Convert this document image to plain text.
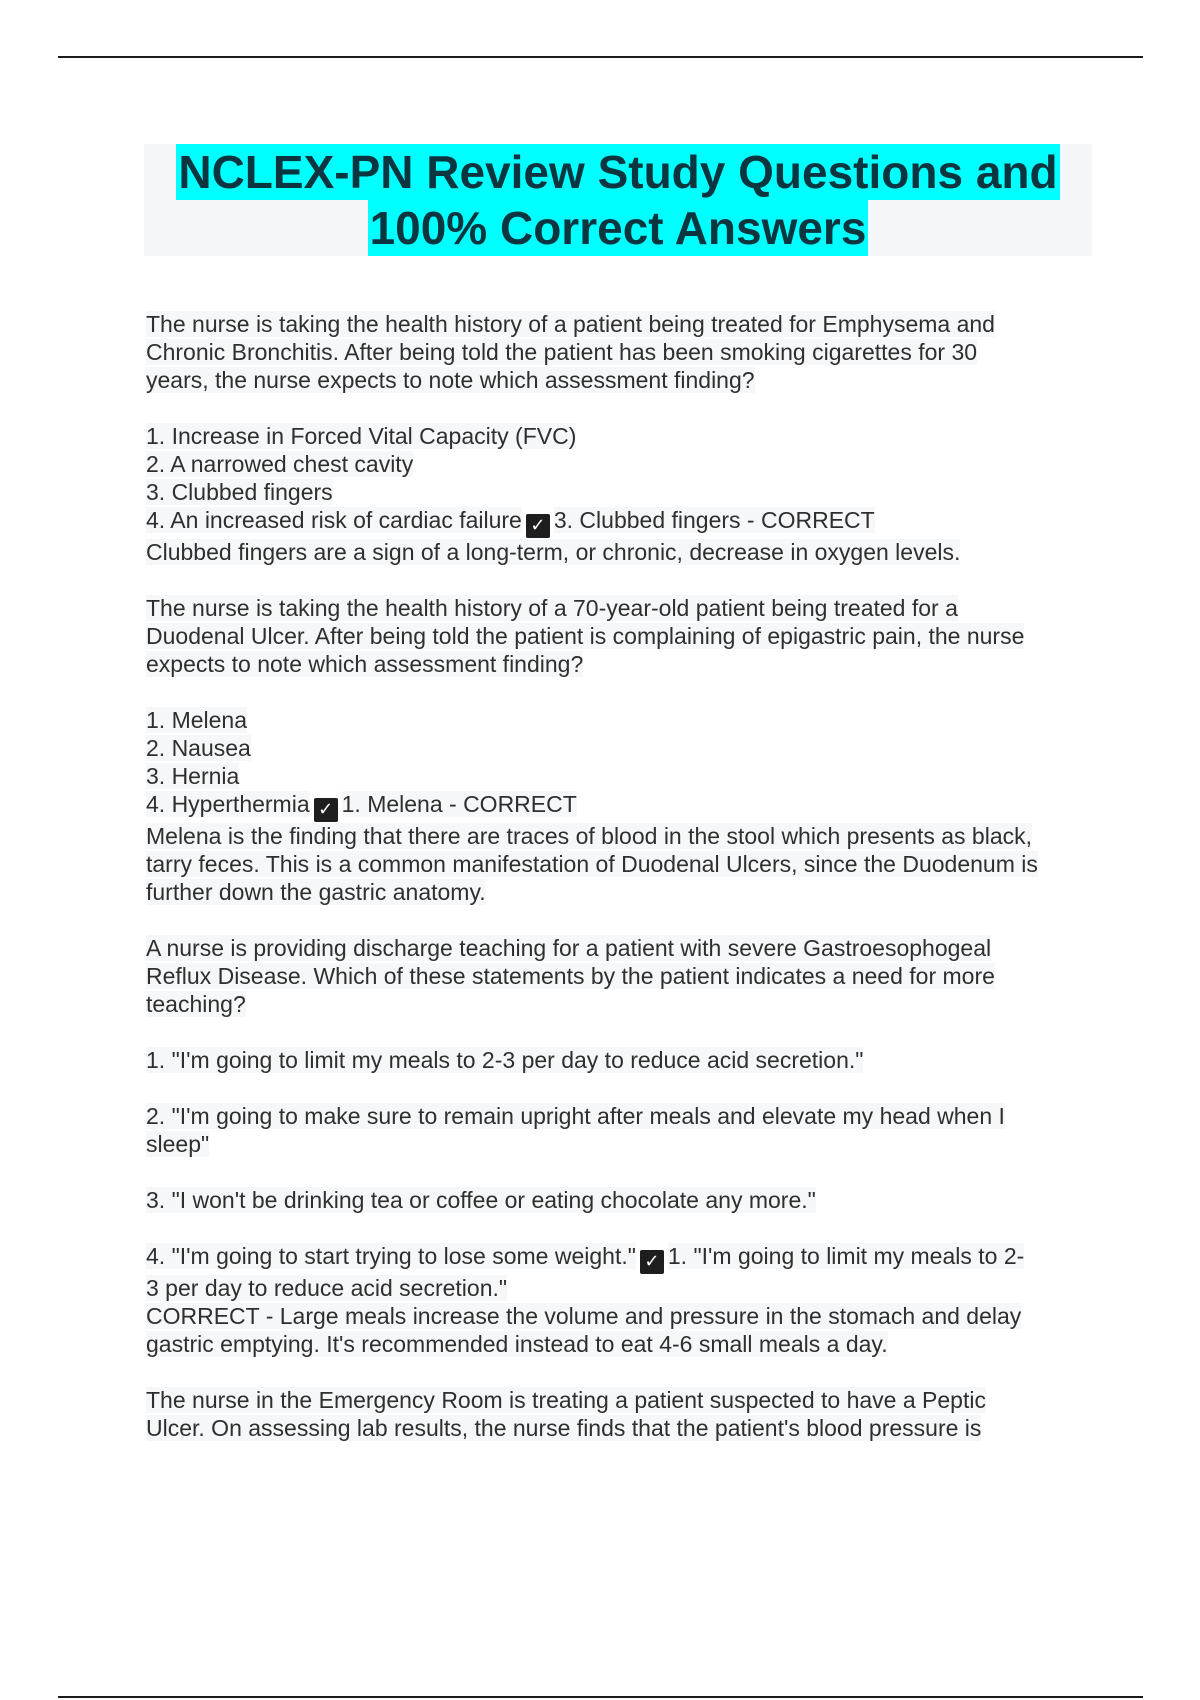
NCLEX-PN Review Study Questions and
100% Correct Answers
The nurse is taking the health history of a patient being treated for Emphysema and
Chronic Bronchitis. After being told the patient has been smoking cigarettes for 30
years, the nurse expects to note which assessment finding?
1. Increase in Forced Vital Capacity (FVC)
2. A narrowed chest cavity
3. Clubbed fingers
4. An increased risk of cardiac failure ✓ 3. Clubbed fingers - CORRECT
Clubbed fingers are a sign of a long-term, or chronic, decrease in oxygen levels.
The nurse is taking the health history of a 70-year-old patient being treated for a
Duodenal Ulcer. After being told the patient is complaining of epigastric pain, the nurse
expects to note which assessment finding?
1. Melena
2. Nausea
3. Hernia
4. Hyperthermia ✓ 1. Melena - CORRECT
Melena is the finding that there are traces of blood in the stool which presents as black,
tarry feces. This is a common manifestation of Duodenal Ulcers, since the Duodenum is
further down the gastric anatomy.
A nurse is providing discharge teaching for a patient with severe Gastroesophogeal
Reflux Disease. Which of these statements by the patient indicates a need for more
teaching?
1. "I'm going to limit my meals to 2-3 per day to reduce acid secretion."
2. "I'm going to make sure to remain upright after meals and elevate my head when I
sleep"
3. "I won't be drinking tea or coffee or eating chocolate any more."
4. "I'm going to start trying to lose some weight." ✓ 1. "I'm going to limit my meals to 2-
3 per day to reduce acid secretion."
CORRECT - Large meals increase the volume and pressure in the stomach and delay
gastric emptying. It's recommended instead to eat 4-6 small meals a day.
The nurse in the Emergency Room is treating a patient suspected to have a Peptic
Ulcer. On assessing lab results, the nurse finds that the patient's blood pressure is
